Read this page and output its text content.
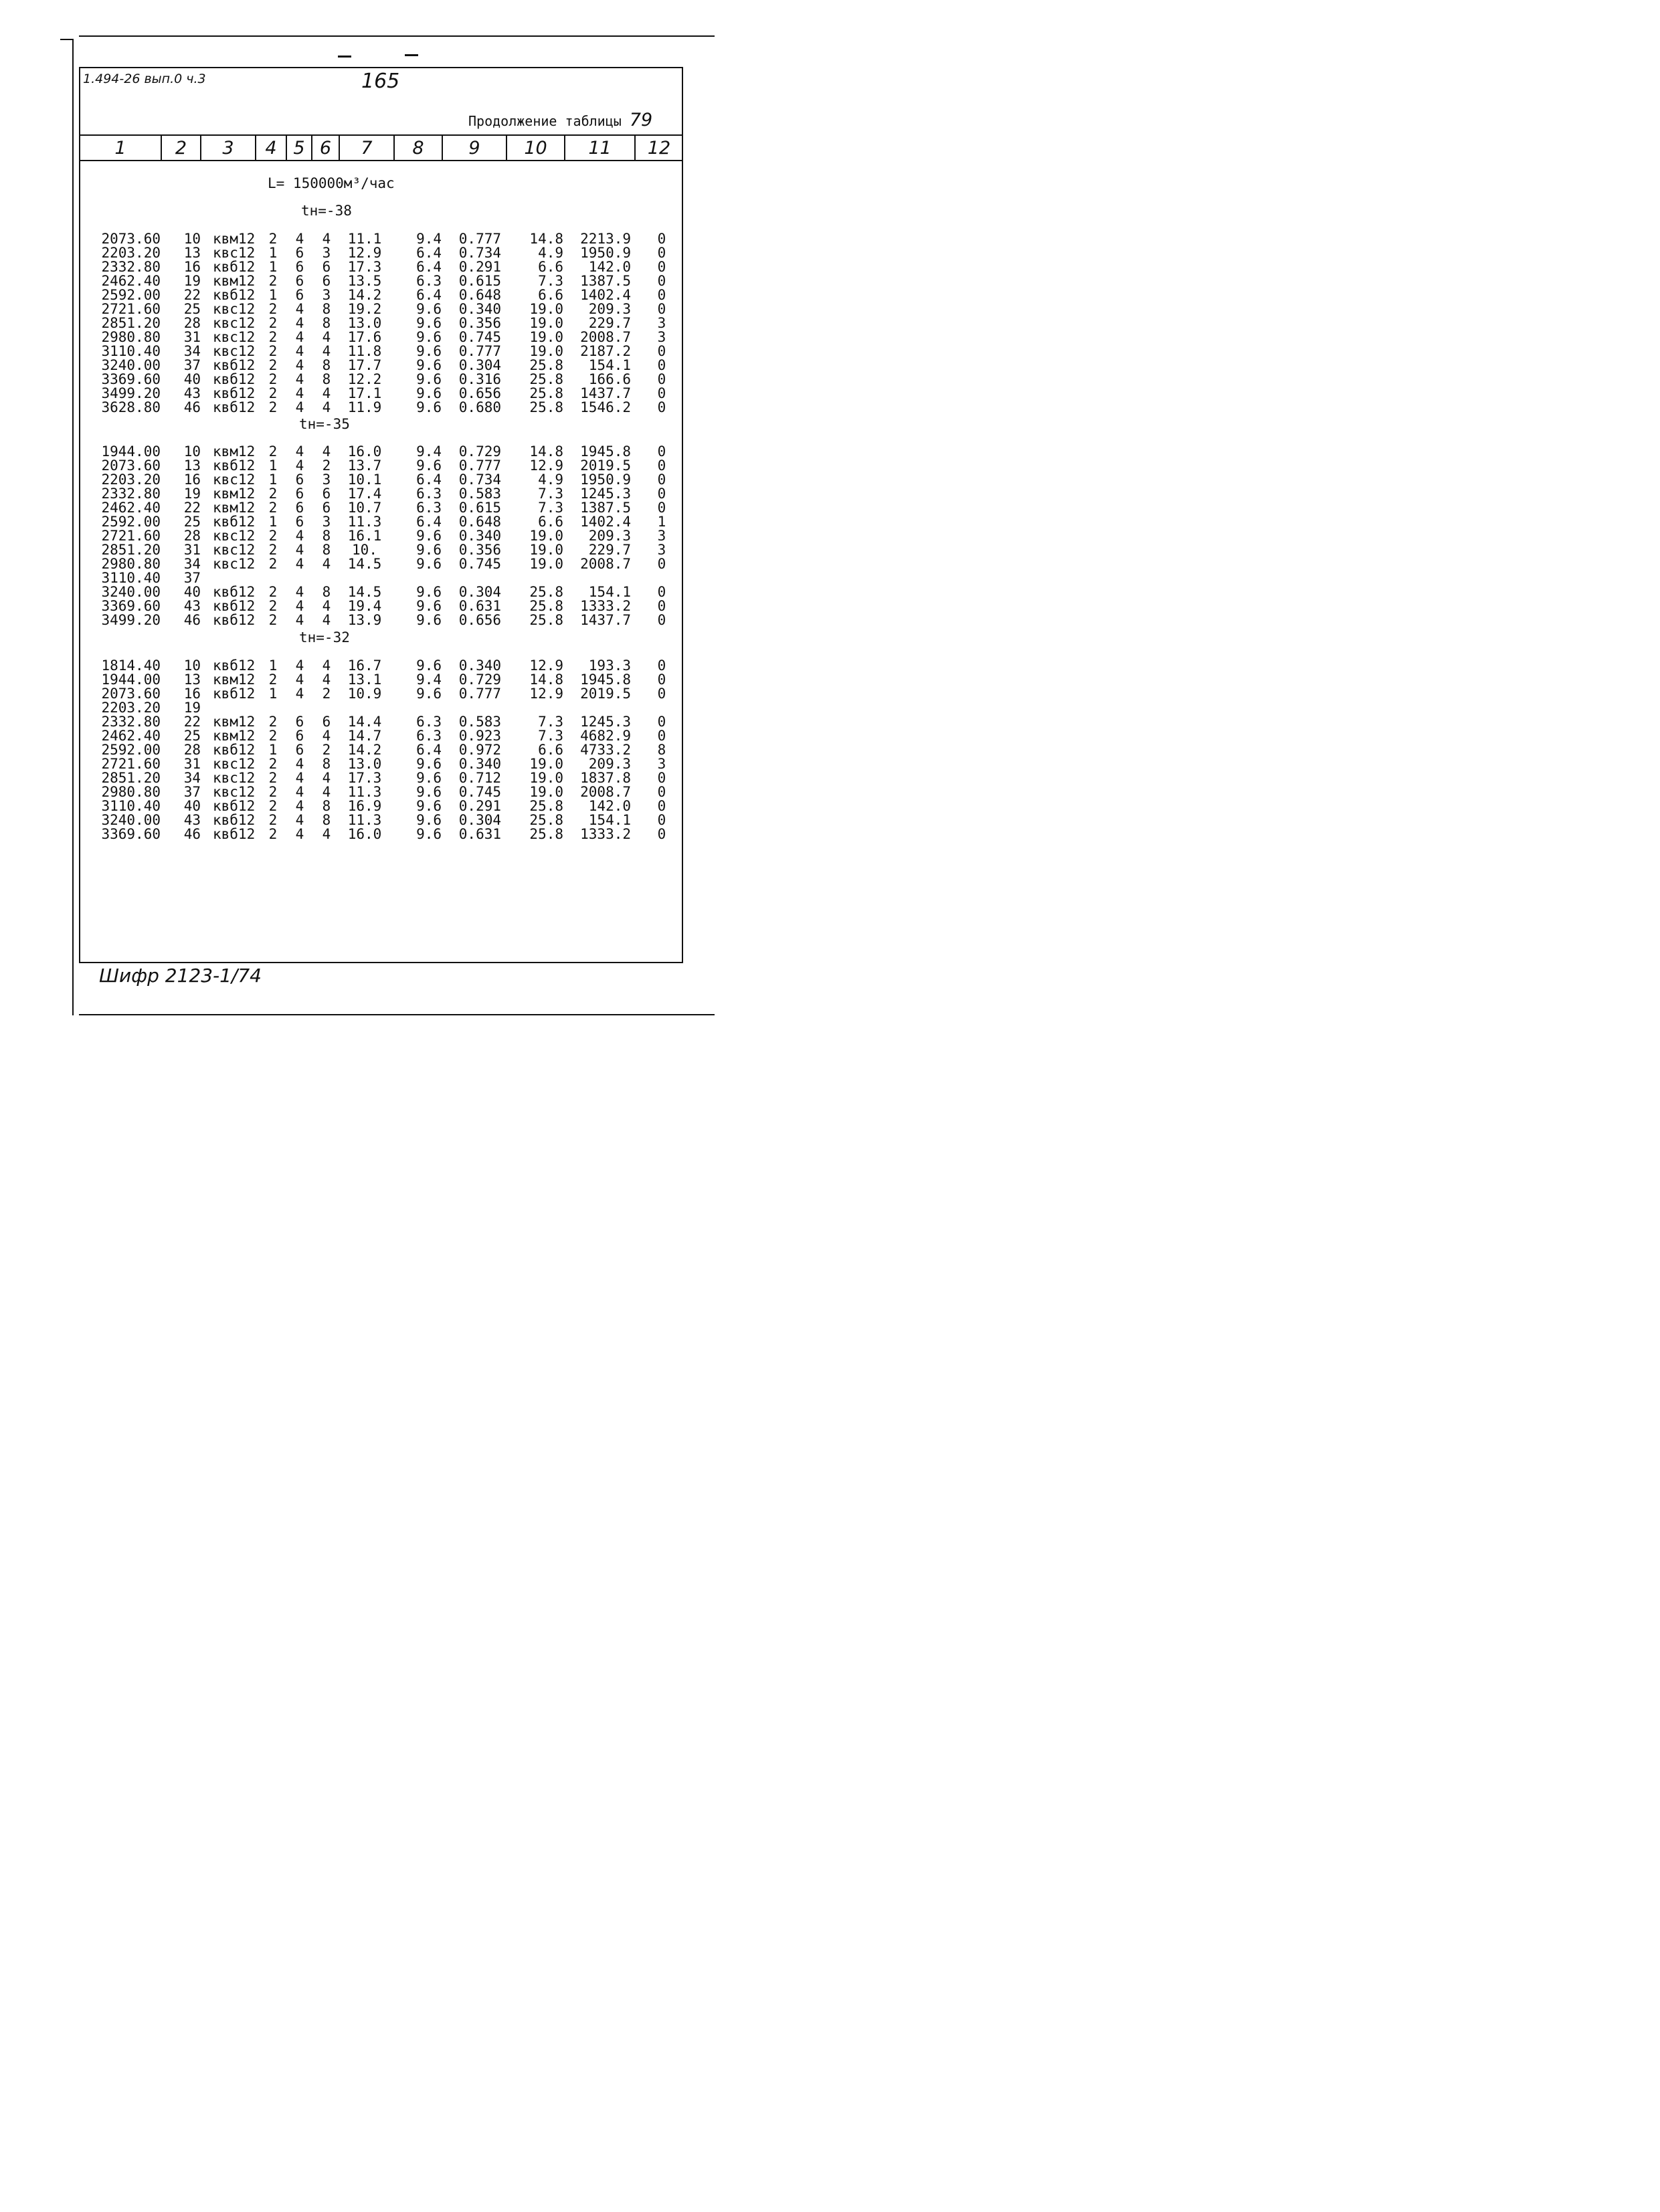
1.494-26 вып.0 ч.3	165
Продолжение таблицы 79
1	2	3	4 5 6	7	8	9	10	11	12
L= 150000м³/час
tн=-38
tн=-35
tн=-32
2073.60	10 квм12 2	4	4	11.1	9.4	0.777	14.8	2213.9	0
2203.20	13 квс12 1	6	3	12.9	6.4	0.734	4.9	1950.9	0
2332.80	16 квб12 1	6	6	17.3	6.4	0.291	6.6	142.0	0
2462.40	19 квм12 2	6	6	13.5	6.3	0.615	7.3	1387.5	0
2592.00	22 квб12 1	6	3	14.2	6.4	0.648	6.6	1402.4	0
2721.60	25 квс12 2	4	8	19.2	9.6	0.340	19.0	209.3	0
2851.20	28 квс12 2	4	8	13.0	9.6	0.356	19.0	229.7	3
2980.80	31 квс12 2	4	4	17.6	9.6	0.745	19.0	2008.7	3
3110.40	34 квс12 2	4	4	11.8	9.6	0.777	19.0	2187.2	0
3240.00	37 квб12 2	4	8	17.7	9.6	0.304	25.8	154.1	0
3369.60	40 квб12 2	4	8	12.2	9.6	0.316	25.8	166.6	0
3499.20	43 квб12 2	4	4	17.1	9.6	0.656	25.8	1437.7	0
3628.80	46 квб12 2	4	4	11.9	9.6	0.680	25.8	1546.2	0
1944.00	10 квм12 2	4	4	16.0	9.4	0.729	14.8	1945.8	0
2073.60	13 квб12 1	4	2	13.7	9.6	0.777	12.9	2019.5	0
2203.20	16 квс12 1	6	3	10.1	6.4	0.734	4.9	1950.9	0
2332.80	19 квм12 2	6	6	17.4	6.3	0.583	7.3	1245.3	0
2462.40	22 квм12 2	6	6	10.7	6.3	0.615	7.3	1387.5	0
2592.00	25 квб12 1	6	3	11.3	6.4	0.648	6.6	1402.4	1
2721.60	28 квс12 2	4	8	16.1	9.6	0.340	19.0	209.3	3
2851.20	31 квс12 2	4	8	10.	9.6	0.356	19.0	229.7	3
2980.80	34 квс12 2	4	4	14.5	9.6	0.745	19.0	2008.7	0
3110.40	37
3240.00	40 квб12 2	4	8	14.5	9.6	0.304	25.8	154.1	0
3369.60	43 квб12 2	4	4	19.4	9.6	0.631	25.8	1333.2	0
3499.20	46 квб12 2	4	4	13.9	9.6	0.656	25.8	1437.7	0
1814.40	10 квб12 1	4	4	16.7	9.6	0.340	12.9	193.3	0
1944.00	13 квм12 2	4	4	13.1	9.4	0.729	14.8	1945.8	0
2073.60	16 квб12 1	4	2	10.9	9.6	0.777	12.9	2019.5	0
2203.20	19
2332.80	22 квм12 2	6	6	14.4	6.3	0.583	7.3	1245.3	0
2462.40	25 квм12 2	6	4	14.7	6.3	0.923	7.3	4682.9	0
2592.00	28 квб12 1	6	2	14.2	6.4	0.972	6.6	4733.2	8
2721.60	31 квс12 2	4	8	13.0	9.6	0.340	19.0	209.3	3
2851.20	34 квс12 2	4	4	17.3	9.6	0.712	19.0	1837.8	0
2980.80	37 квс12 2	4	4	11.3	9.6	0.745	19.0	2008.7	0
3110.40	40 квб12 2	4	8	16.9	9.6	0.291	25.8	142.0	0
3240.00	43 квб12 2	4	8	11.3	9.6	0.304	25.8	154.1	0
3369.60	46 квб12 2	4	4	16.0	9.6	0.631	25.8	1333.2	0
Шифр 2123-1/74
